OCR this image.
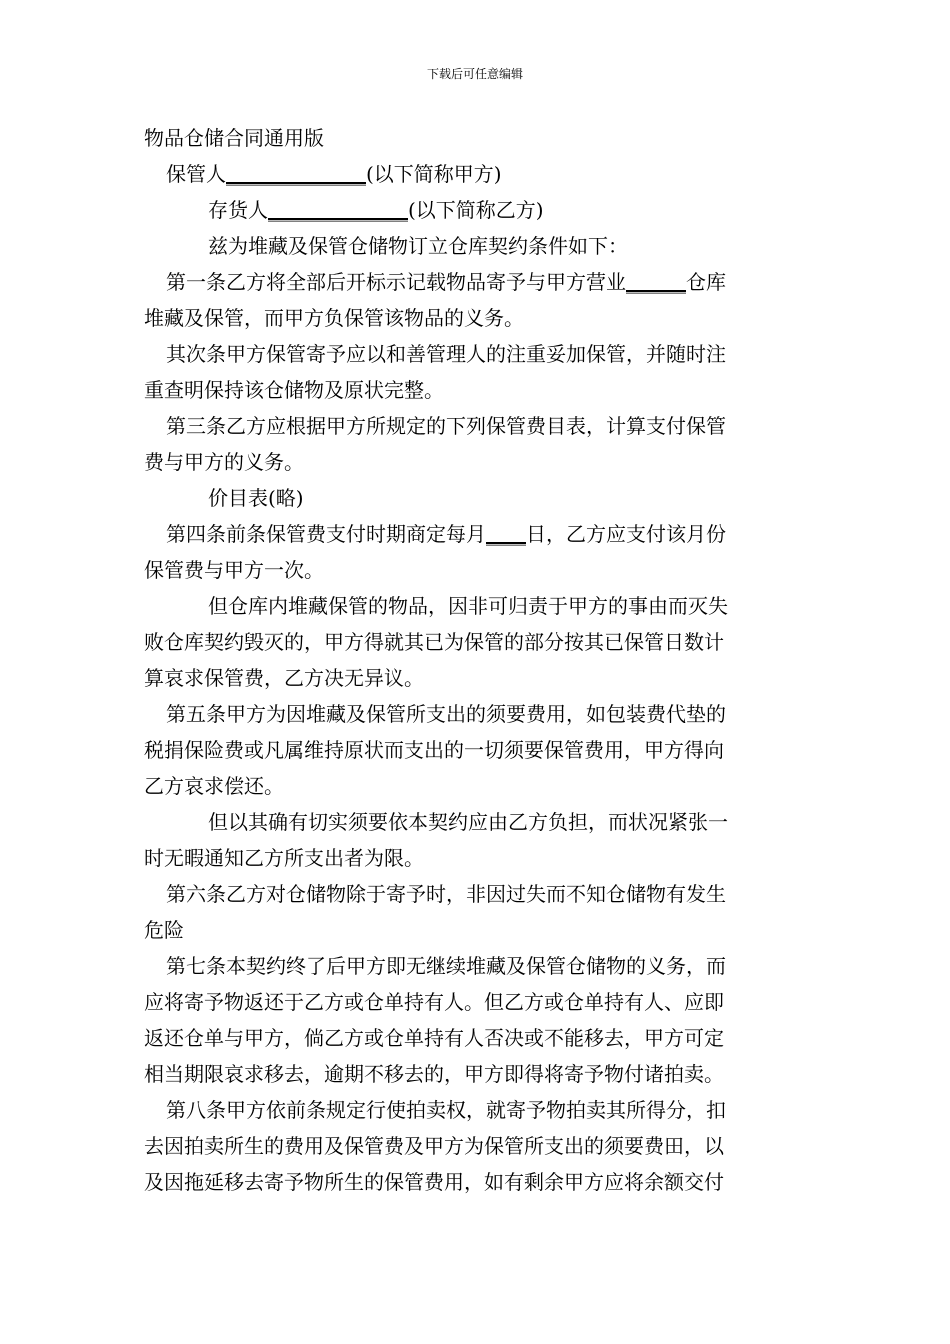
下载后可任意编辑
物品仓储合同通用版
保管人______________(以下简称甲方)
存货人______________(以下简称乙方)
兹为堆藏及保管仓储物订立仓库契约条件如下：
第一条乙方将全部后开标示记载物品寄予与甲方营业______仓库
堆藏及保管，而甲方负保管该物品的义务。
其次条甲方保管寄予应以和善管理人的注重妥加保管，并随时注
重查明保持该仓储物及原状完整。
第三条乙方应根据甲方所规定的下列保管费目表，计算支付保管
费与甲方的义务。
价目表(略)
第四条前条保管费支付时期商定每月____日，乙方应支付该月份
保管费与甲方一次。
但仓库内堆藏保管的物品，因非可归责于甲方的事由而灭失
败仓库契约毁灭的，甲方得就其已为保管的部分按其已保管日数计
算哀求保管费，乙方决无异议。
第五条甲方为因堆藏及保管所支出的须要费用，如包装费代垫的
税捐保险费或凡属维持原状而支出的一切须要保管费用，甲方得向
乙方哀求偿还。
但以其确有切实须要依本契约应由乙方负担，而状况紧张一
时无暇通知乙方所支出者为限。
第六条乙方对仓储物除于寄予时，非因过失而不知仓储物有发生
危险
第七条本契约终了后甲方即无继续堆藏及保管仓储物的义务，而
应将寄予物返还于乙方或仓单持有人。但乙方或仓单持有人、应即
返还仓单与甲方，倘乙方或仓单持有人否决或不能移去，甲方可定
相当期限哀求移去，逾期不移去的，甲方即得将寄予物付诸拍卖。
第八条甲方依前条规定行使拍卖权，就寄予物拍卖其所得分，扣
去因拍卖所生的费用及保管费及甲方为保管所支出的须要费田，以
及因拖延移去寄予物所生的保管费用，如有剩余甲方应将余额交付
